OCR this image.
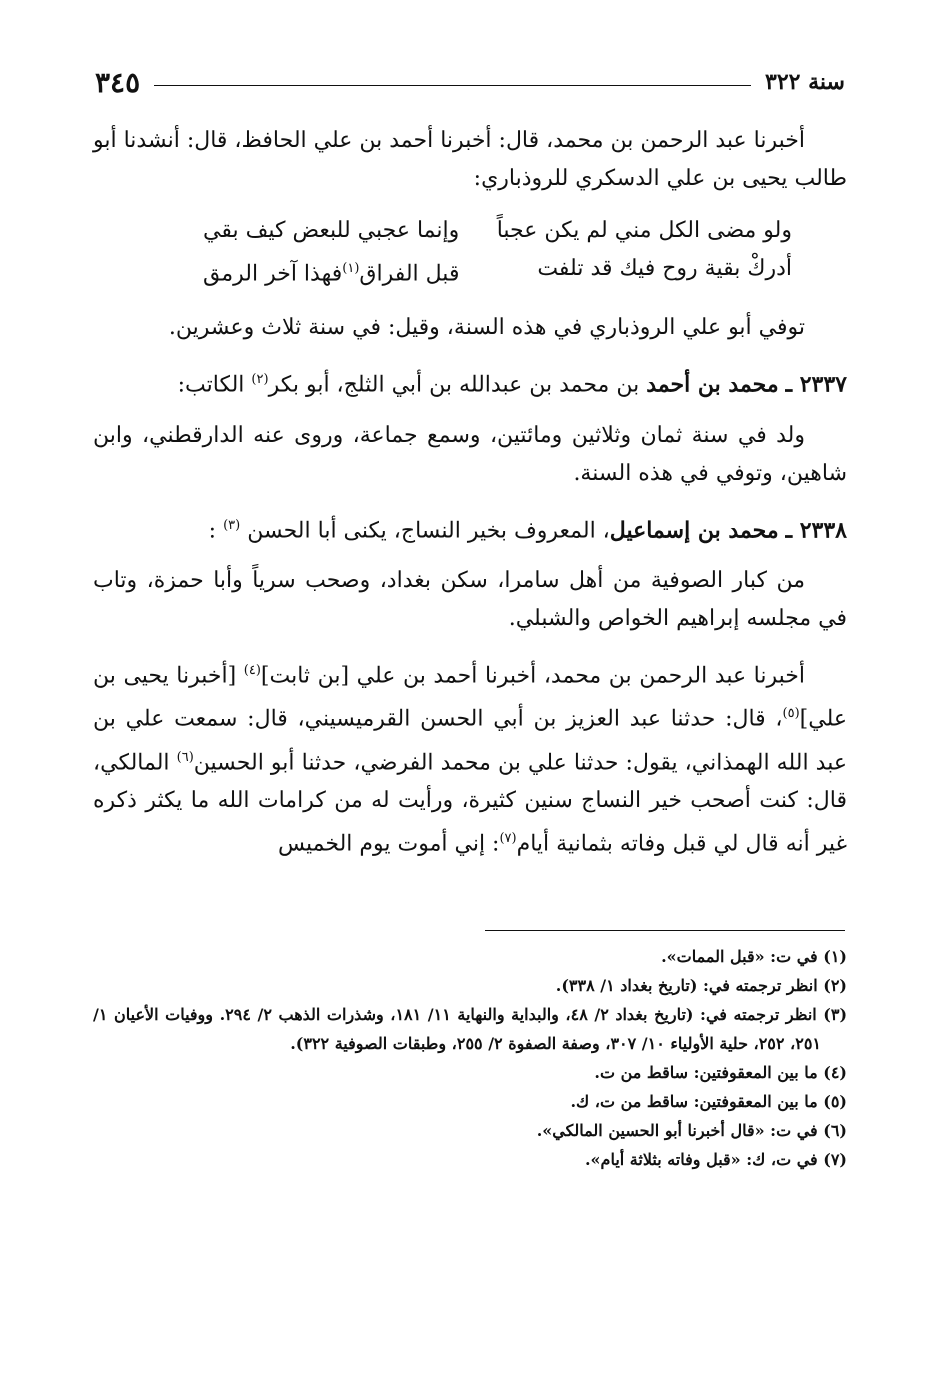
سنة ٣٢٢
٣٤٥

أخبرنا عبد الرحمن بن محمد، قال: أخبرنا أحمد بن علي الحافظ، قال: أنشدنا أبو طالب يحيى بن علي الدسكري للروذباري:

ولو مضى الكل مني لم يكن عجباً
وإنما عجبي للبعض كيف بقي
أدركْ بقية روح فيك قد تلفت
قبل الفراق$^{(١)}$فهذا آخر الرمق

توفي أبو علي الروذباري في هذه السنة، وقيل: في سنة ثلاث وعشرين.

٢٣٣٧ ـ محمد بن أحمد بن محمد بن عبدالله بن أبي الثلج، أبو بكر$^{(٢)}$ الكاتب:

ولد في سنة ثمان وثلاثين ومائتين، وسمع جماعة، وروى عنه الدارقطني، وابن شاهين، وتوفي في هذه السنة.

٢٣٣٨ ـ محمد بن إسماعيل، المعروف بخير النساج، يكنى أبا الحسن $^{(٣)}$ :

من كبار الصوفية من أهل سامرا، سكن بغداد، وصحب سرياً وأبا حمزة، وتاب في مجلسه إبراهيم الخواص والشبلي.

أخبرنا عبد الرحمن بن محمد، أخبرنا أحمد بن علي [بن ثابت]$^{(٤)}$ [أخبرنا يحيى بن علي]$^{(٥)}$، قال: حدثنا عبد العزيز بن أبي الحسن القرميسيني، قال: سمعت علي بن عبد الله الهمذاني، يقول: حدثنا علي بن محمد الفرضي، حدثنا أبو الحسين$^{(٦)}$ المالكي، قال: كنت أصحب خير النساج سنين كثيرة، ورأيت له من كرامات الله ما يكثر ذكره غير أنه قال لي قبل وفاته بثمانية أيام$^{(٧)}$: إني أموت يوم الخميس

(١) في ت: «قبل الممات».

(٢) انظر ترجمته في: (تاريخ بغداد ١/ ٣٣٨).

(٣) انظر ترجمته في: (تاريخ بغداد ٢/ ٤٨، والبداية والنهاية ١١/ ١٨١، وشذرات الذهب ٢/ ٢٩٤. ووفيات الأعيان ١/ ٢٥١، ٢٥٢، حلية الأولياء ١٠/ ٣٠٧، وصفة الصفوة ٢/ ٢٥٥، وطبقات الصوفية ٣٢٢).

(٤) ما بين المعقوفتين: ساقط من ت.

(٥) ما بين المعقوفتين: ساقط من ت، ك.

(٦) في ت: «قال أخبرنا أبو الحسين المالكي».

(٧) في ت، ك: «قبل وفاته بثلاثة أيام».
